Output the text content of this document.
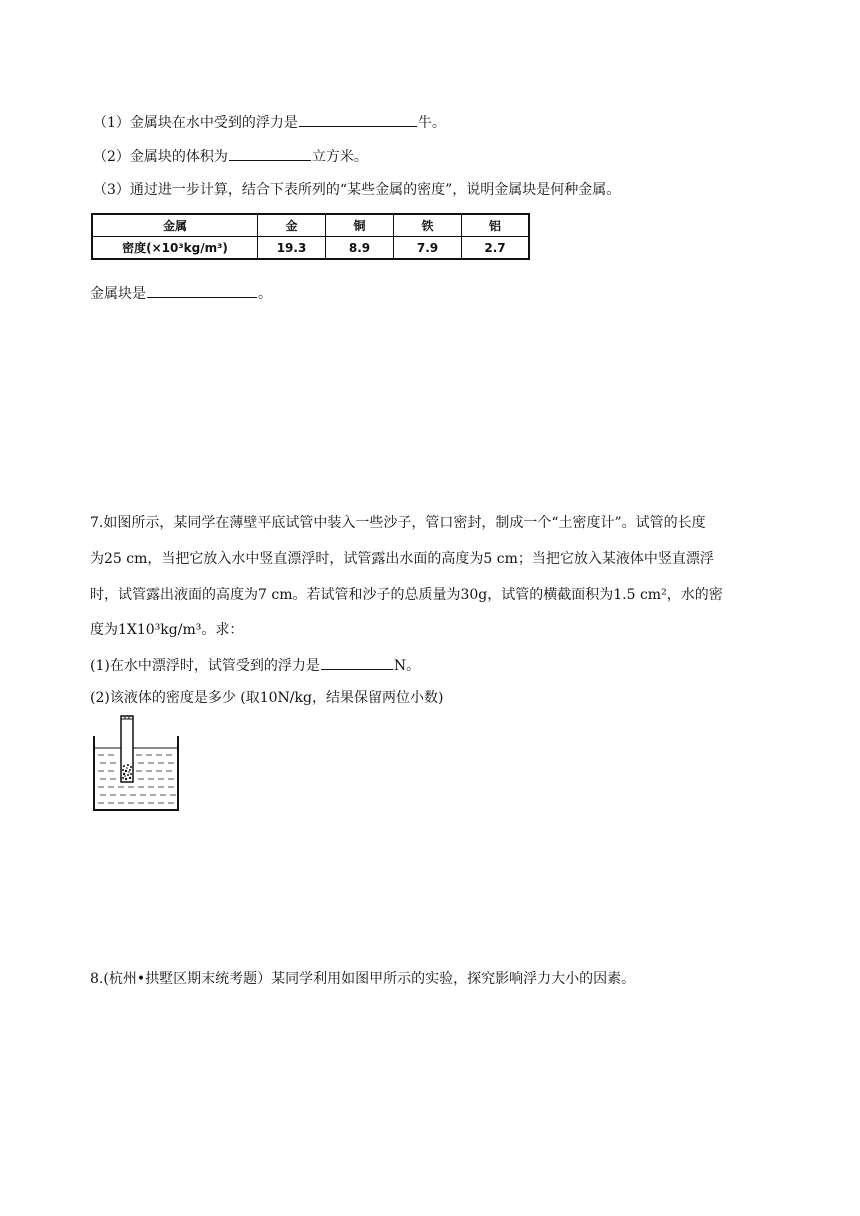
（1）金属块在水中受到的浮力是	牛。
（2）金属块的体积为	立方米。
（3）通过进一步计算，结合下表所列的“某些金属的密度”，说明金属块是何种金属。
金属	金	铜	铁	铝
密度(×10³kg/m³)	19.3	8.9	7.9	2.7
金属块是	。
7.如图所示，某同学在薄壁平底试管中装入一些沙子，管口密封，制成一个“土密度计”。试管的长度
为25 cm，当把它放入水中竖直漂浮时，试管露出水面的高度为5 cm；当把它放入某液体中竖直漂浮
时，试管露出液面的高度为7 cm。若试管和沙子的总质量为30g，试管的横截面积为1.5 cm²，水的密
度为1X10³kg/m³。求：
(1)在水中漂浮时，试管受到的浮力是	N。
(2)该液体的密度是多少 (取10N/kg，结果保留两位小数)
8.(杭州•拱墅区期末统考题）某同学利用如图甲所示的实验，探究影响浮力大小的因素。
